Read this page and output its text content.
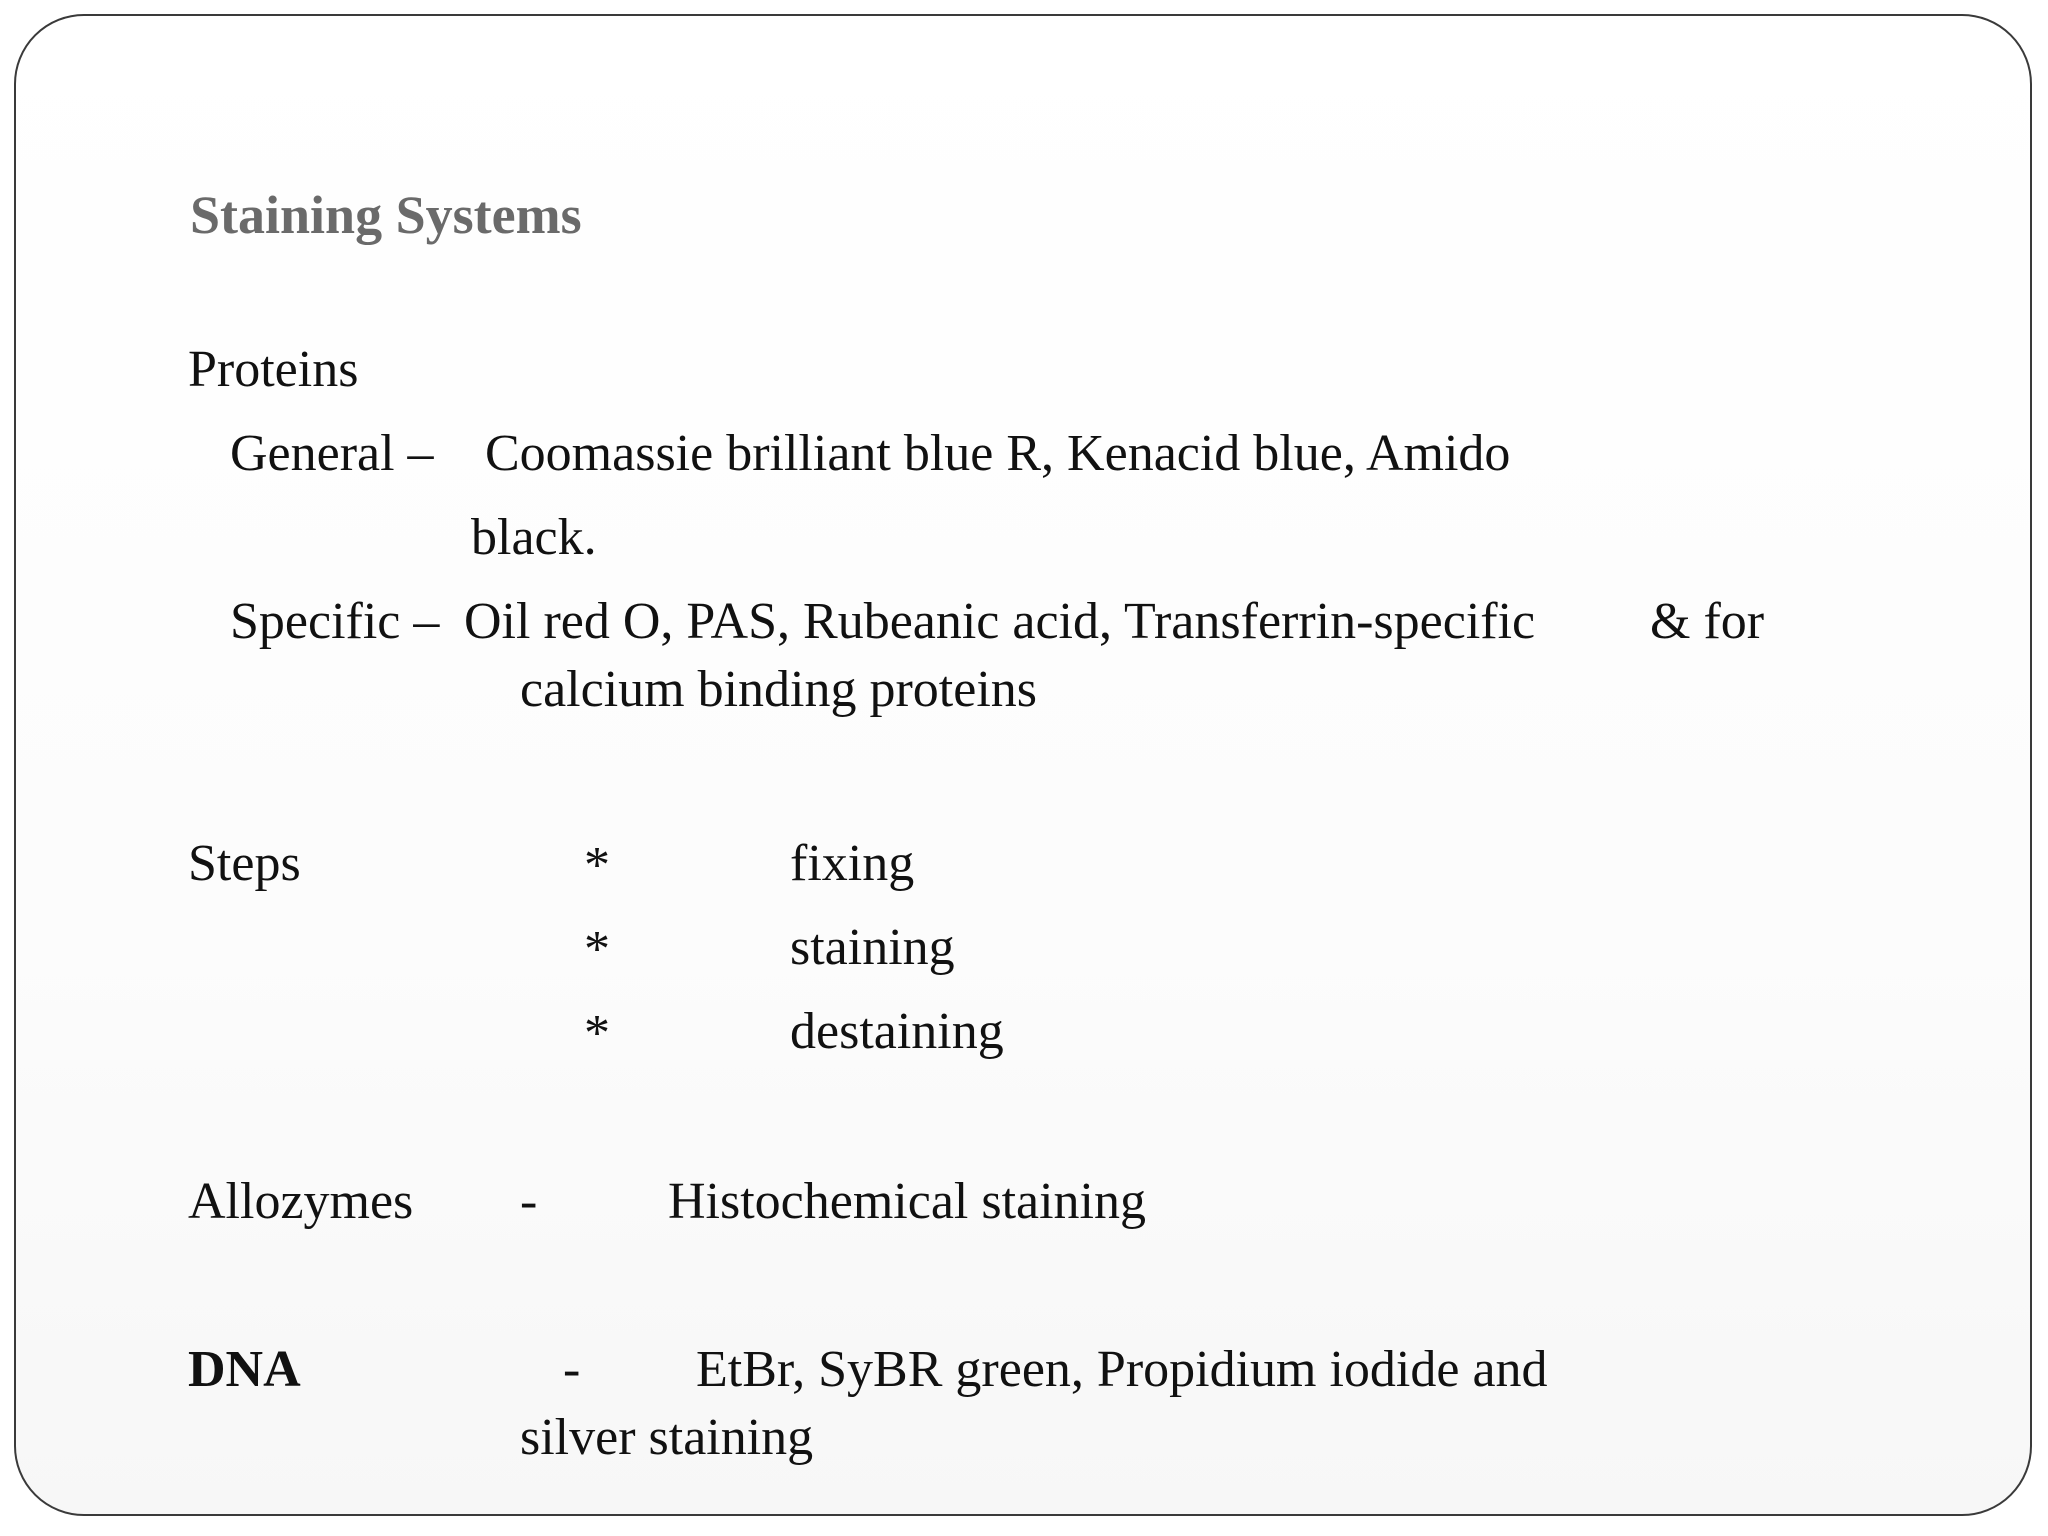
Staining Systems
Proteins
General – Coomassie brilliant blue R, Kenacid blue, Amido
black.
Specific – Oil red O, PAS, Rubeanic acid, Transferrin-specific & for
calcium binding proteins
Steps	*	fixing
*	staining
*	destaining
Allozymes -	Histochemical staining
DNA	- EtBr, SyBR green, Propidium iodide and
silver staining
